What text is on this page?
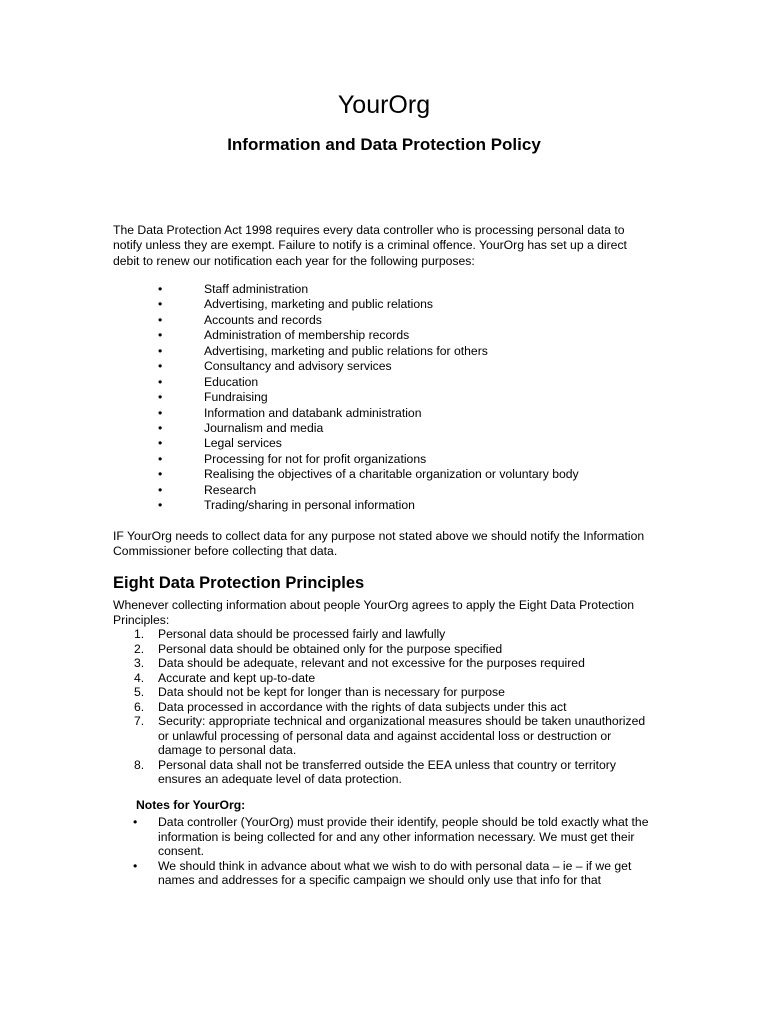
YourOrg
Information and Data Protection Policy

The Data Protection Act 1998 requires every data controller who is processing personal data to notify unless they are exempt. Failure to notify is a criminal offence. YourOrg has set up a direct debit to renew our notification each year for the following purposes:

•	Staff administration
•	Advertising, marketing and public relations
•	Accounts and records
•	Administration of membership records
•	Advertising, marketing and public relations for others
•	Consultancy and advisory services
•	Education
•	Fundraising
•	Information and databank administration
•	Journalism and media
•	Legal services
•	Processing for not for profit organizations
•	Realising the objectives of a charitable organization or voluntary body
•	Research
•	Trading/sharing in personal information

IF YourOrg needs to collect data for any purpose not stated above we should notify the Information Commissioner before collecting that data.

Eight Data Protection Principles

Whenever collecting information about people YourOrg agrees to apply the Eight Data Protection Principles:

1. Personal data should be processed fairly and lawfully
2. Personal data should be obtained only for the purpose specified
3. Data should be adequate, relevant and not excessive for the purposes required
4. Accurate and kept up-to-date
5. Data should not be kept for longer than is necessary for purpose
6. Data processed in accordance with the rights of data subjects under this act
7. Security: appropriate technical and organizational measures should be taken unauthorized or unlawful processing of personal data and against accidental loss or destruction or damage to personal data.
8. Personal data shall not be transferred outside the EEA unless that country or territory ensures an adequate level of data protection.

Notes for YourOrg:

• Data controller (YourOrg) must provide their identify, people should be told exactly what the information is being collected for and any other information necessary. We must get their consent.
• We should think in advance about what we wish to do with personal data – ie – if we get names and addresses for a specific campaign we should only use that info for that
